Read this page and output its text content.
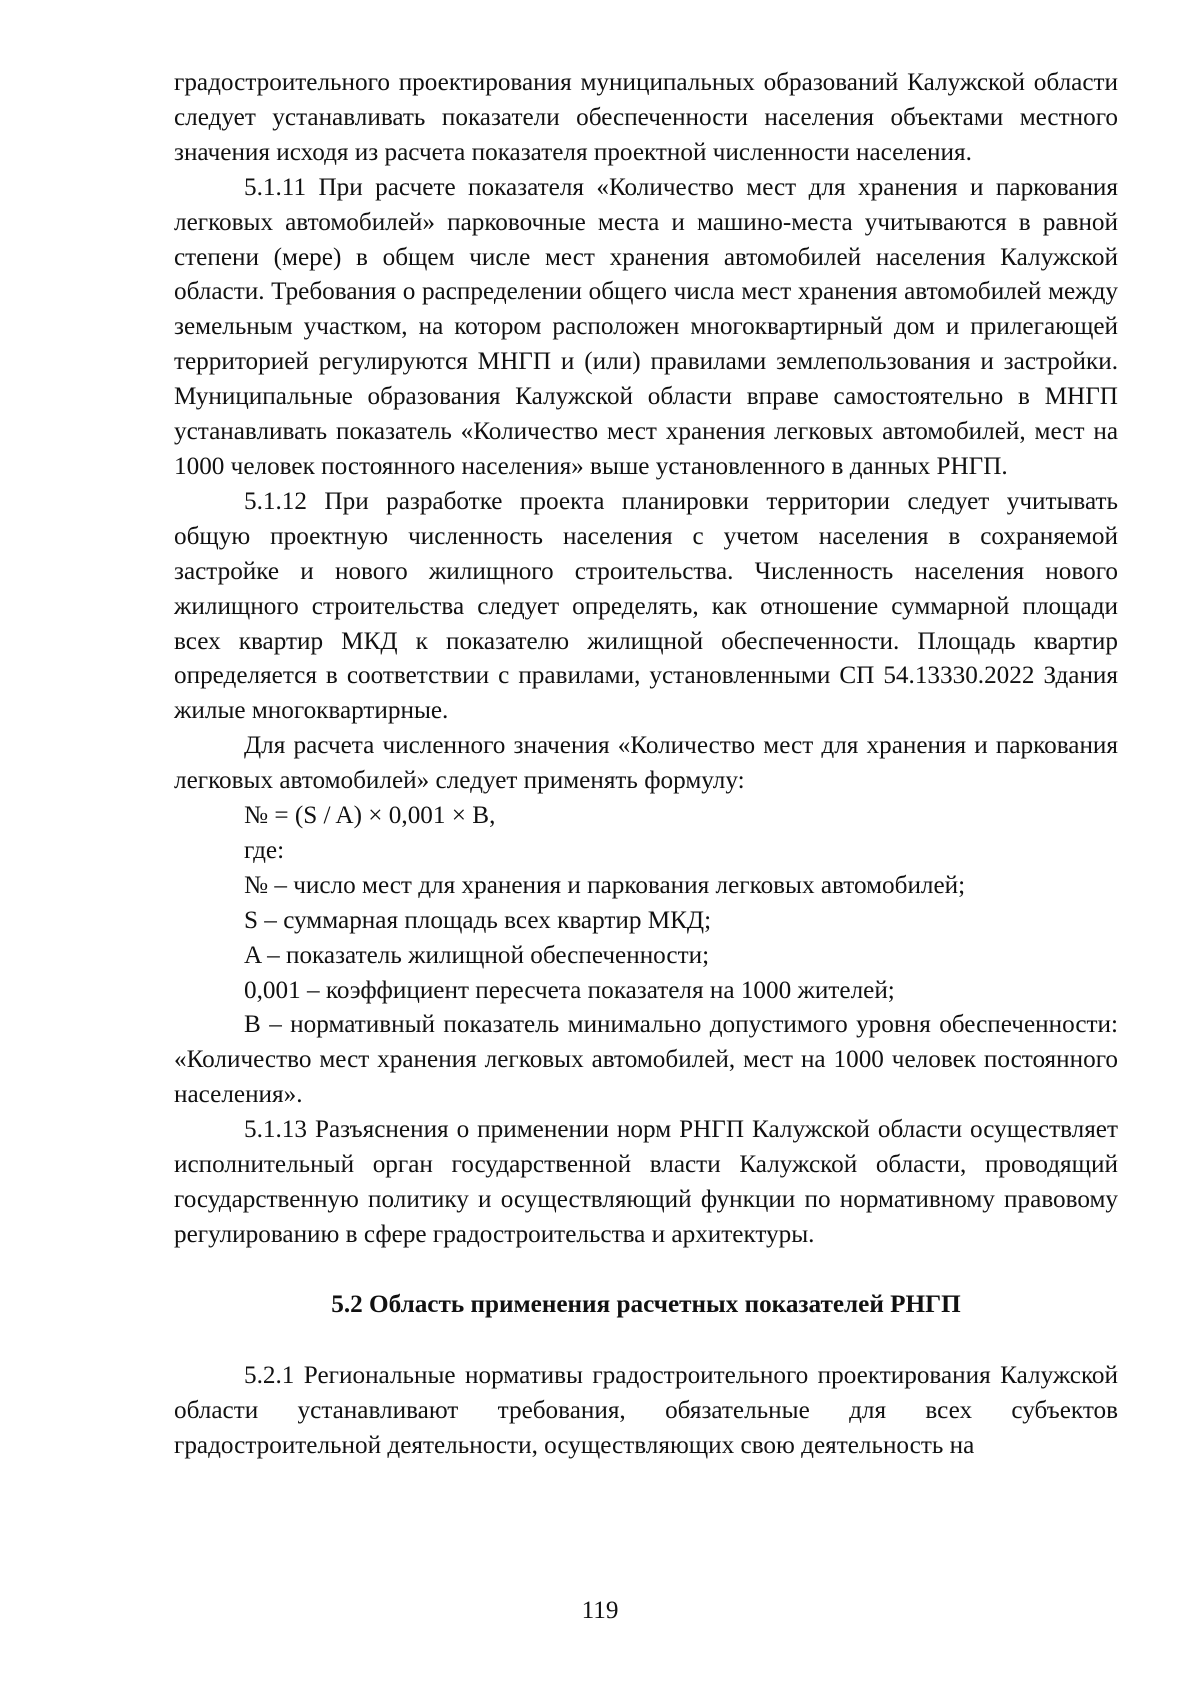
градостроительного проектирования муниципальных образований Калужской области следует устанавливать показатели обеспеченности населения объектами местного значения исходя из расчета показателя проектной численности населения.

5.1.11 При расчете показателя «Количество мест для хранения и паркования легковых автомобилей» парковочные места и машино-места учитываются в равной степени (мере) в общем числе мест хранения автомобилей населения Калужской области. Требования о распределении общего числа мест хранения автомобилей между земельным участком, на котором расположен многоквартирный дом и прилегающей территорией регулируются МНГП и (или) правилами землепользования и застройки. Муниципальные образования Калужской области вправе самостоятельно в МНГП устанавливать показатель «Количество мест хранения легковых автомобилей, мест на 1000 человек постоянного населения» выше установленного в данных РНГП.

5.1.12 При разработке проекта планировки территории следует учитывать общую проектную численность населения с учетом населения в сохраняемой застройке и нового жилищного строительства. Численность населения нового жилищного строительства следует определять, как отношение суммарной площади всех квартир МКД к показателю жилищной обеспеченности. Площадь квартир определяется в соответствии с правилами, установленными СП 54.13330.2022 Здания жилые многоквартирные.

Для расчета численного значения «Количество мест для хранения и паркования легковых автомобилей» следует применять формулу:

№ = (S / A) × 0,001 × B,

где:

№ – число мест для хранения и паркования легковых автомобилей;

S – суммарная площадь всех квартир МКД;

A – показатель жилищной обеспеченности;

0,001 – коэффициент пересчета показателя на 1000 жителей;

B – нормативный показатель минимально допустимого уровня обеспеченности: «Количество мест хранения легковых автомобилей, мест на 1000 человек постоянного населения».

5.1.13 Разъяснения о применении норм РНГП Калужской области осуществляет исполнительный орган государственной власти Калужской области, проводящий государственную политику и осуществляющий функции по нормативному правовому регулированию в сфере градостроительства и архитектуры.

5.2 Область применения расчетных показателей РНГП

5.2.1 Региональные нормативы градостроительного проектирования Калужской области устанавливают требования, обязательные для всех субъектов градостроительной деятельности, осуществляющих свою деятельность на

119
